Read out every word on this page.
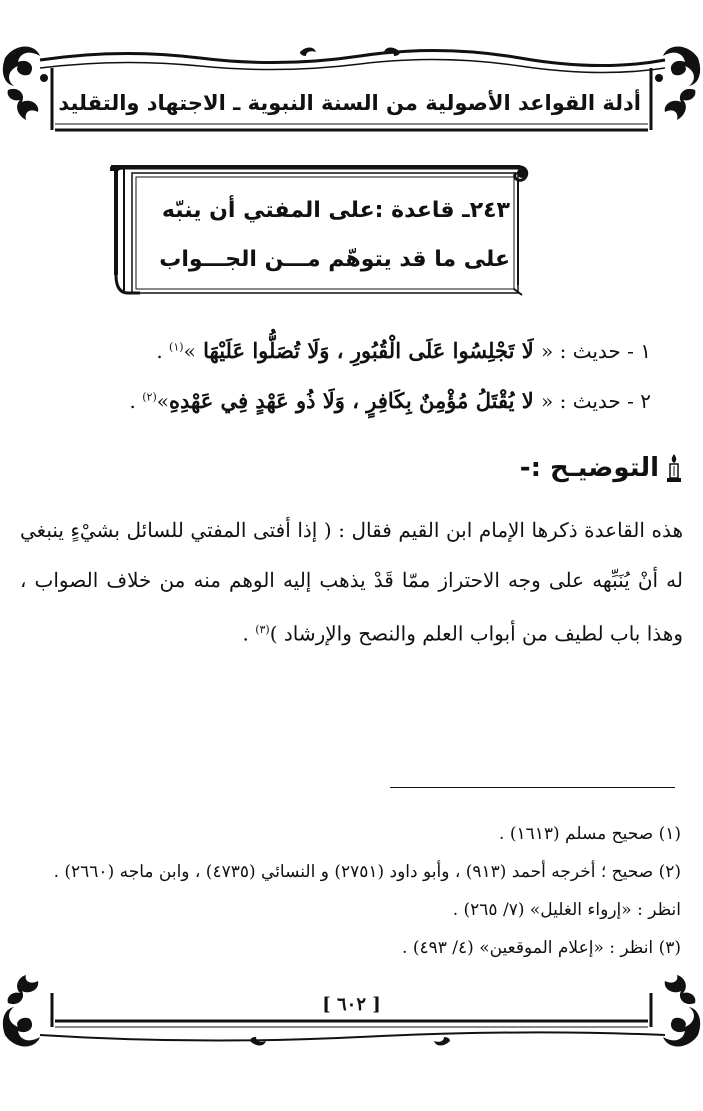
أدلة القواعد الأصولية من السنة النبوية ـ الاجتهاد والتقليد
٢٤٣ـ قاعدة :على المفتي أن ينبّه
على ما قد يتوهّم مـــن الجـــواب
١ - حديث : « لَا تَجْلِسُوا عَلَى الْقُبُورِ ، وَلَا تُصَلُّوا عَلَيْهَا »$^{(١)}$ .
٢ - حديث : « لا يُقْتَلُ مُؤْمِنٌ بِكَافِرٍ ، وَلَا ذُو عَهْدٍ فِي عَهْدِهِ»$^{(٢)}$ .
التوضيـح :-
هذه القاعدة ذكرها الإمام ابن القيم فقال : ( إذا أفتى المفتي للسائل بشيْءٍ ينبغي له أنْ يُنَبِّهه على وجه الاحتراز ممّا قَدْ يذهب إليه الوهم منه من خلاف الصواب ، وهذا باب لطيف من أبواب العلم والنصح والإرشاد )$^{(٣)}$ .

(١) صحيح مسلم (١٦١٣) .

(٢) صحيح ؛ أخرجه أحمد (٩١٣) ، وأبو داود (٢٧٥١) و النسائي (٤٧٣٥) ، وابن ماجه (٢٦٦٠) . انظر : «إرواء الغليل» (٧/ ٢٦٥) .

(٣) انظر : «إعلام الموقعين» (٤/ ٤٩٣) .

[ ٦٠٢ ]
